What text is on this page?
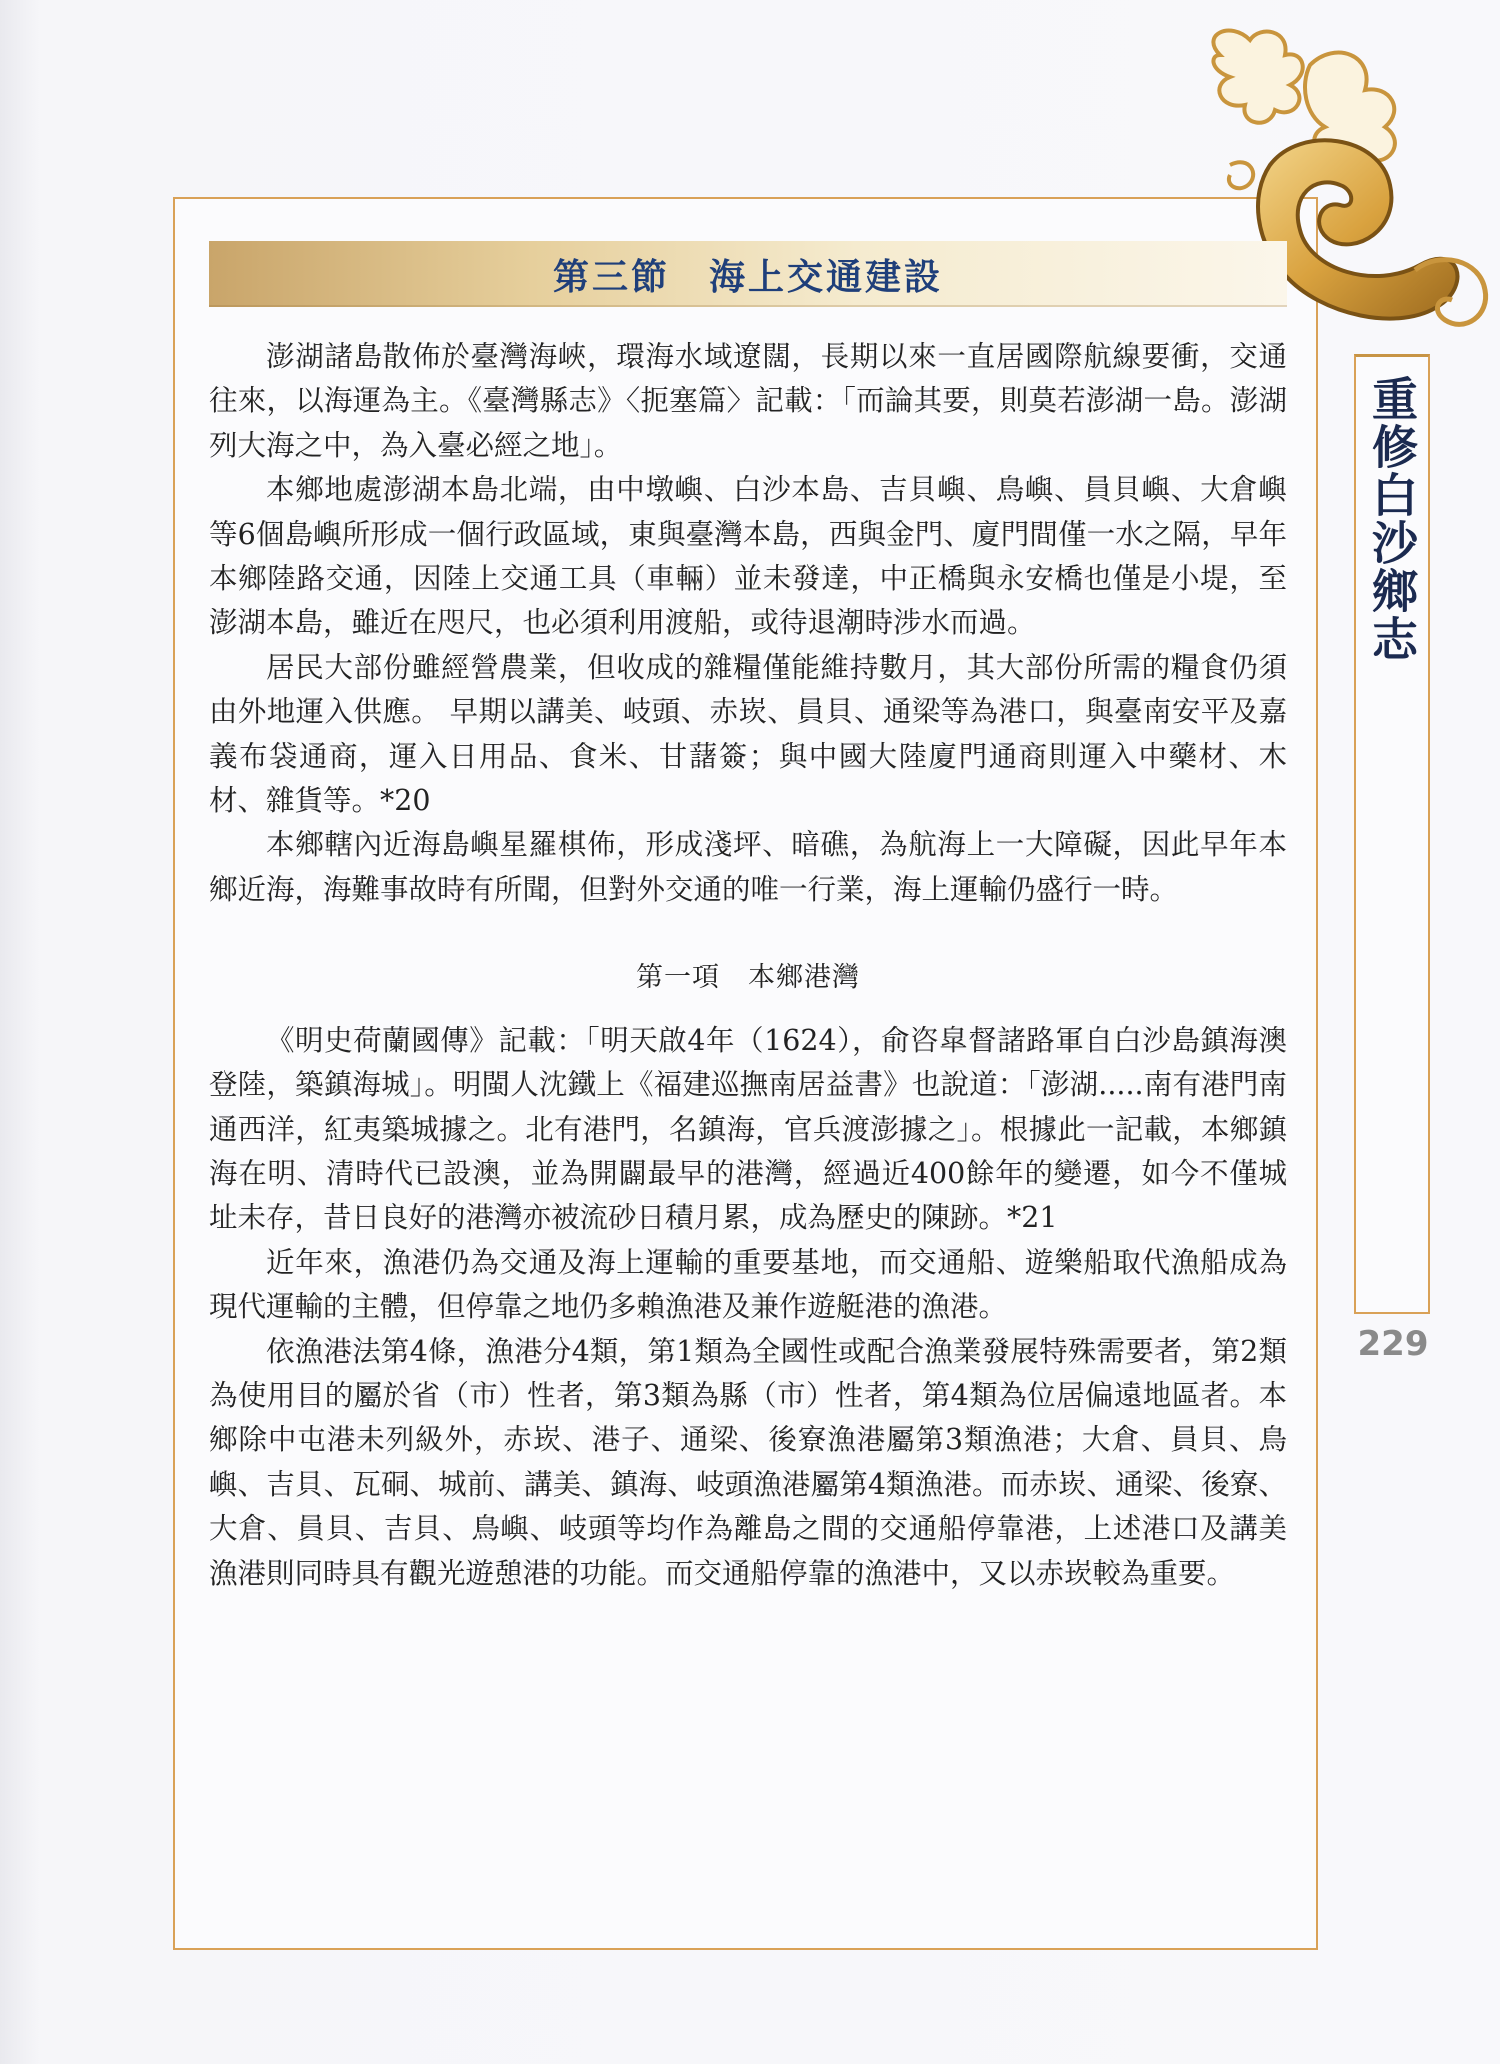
第三節　海上交通建設

澎湖諸島散佈於臺灣海峽，環海水域遼闊，長期以來一直居國際航線要衝，交通往來，以海運為主。《臺灣縣志》〈扼塞篇〉記載：「而論其要，則莫若澎湖一島。澎湖列大海之中，為入臺必經之地」。

本鄉地處澎湖本島北端，由中墩嶼、白沙本島、吉貝嶼、鳥嶼、員貝嶼、大倉嶼等6個島嶼所形成一個行政區域，東與臺灣本島，西與金門、廈門間僅一水之隔，早年本鄉陸路交通，因陸上交通工具（車輛）並未發達，中正橋與永安橋也僅是小堤，至澎湖本島，雖近在咫尺，也必須利用渡船，或待退潮時涉水而過。

居民大部份雖經營農業，但收成的雜糧僅能維持數月，其大部份所需的糧食仍須由外地運入供應。 早期以講美、岐頭、赤崁、員貝、通梁等為港口，與臺南安平及嘉義布袋通商，運入日用品、食米、甘藷簽；與中國大陸廈門通商則運入中藥材、木材、雜貨等。*20

本鄉轄內近海島嶼星羅棋佈，形成淺坪、暗礁，為航海上一大障礙，因此早年本鄉近海，海難事故時有所聞，但對外交通的唯一行業，海上運輸仍盛行一時。

第一項　本鄉港灣

《明史荷蘭國傳》記載：「明天啟4年（1624），俞咨皐督諸路軍自白沙島鎮海澳登陸，築鎮海城」。明閩人沈鐵上《福建巡撫南居益書》也說道：「澎湖.....南有港門南通西洋，紅夷築城據之。北有港門，名鎮海，官兵渡澎據之」。根據此一記載，本鄉鎮海在明、清時代已設澳，並為開闢最早的港灣，經過近400餘年的變遷，如今不僅城址未存，昔日良好的港灣亦被流砂日積月累，成為歷史的陳跡。*21

近年來，漁港仍為交通及海上運輸的重要基地，而交通船、遊樂船取代漁船成為現代運輸的主體，但停靠之地仍多賴漁港及兼作遊艇港的漁港。

依漁港法第4條，漁港分4類，第1類為全國性或配合漁業發展特殊需要者，第2類為使用目的屬於省（市）性者，第3類為縣（市）性者，第4類為位居偏遠地區者。本鄉除中屯港未列級外，赤崁、港子、通梁、後寮漁港屬第3類漁港；大倉、員貝、鳥嶼、吉貝、瓦硐、城前、講美、鎮海、岐頭漁港屬第4類漁港。而赤崁、通梁、後寮、大倉、員貝、吉貝、鳥嶼、岐頭等均作為離島之間的交通船停靠港，上述港口及講美漁港則同時具有觀光遊憩港的功能。而交通船停靠的漁港中，又以赤崁較為重要。

重修白沙鄉志
229
